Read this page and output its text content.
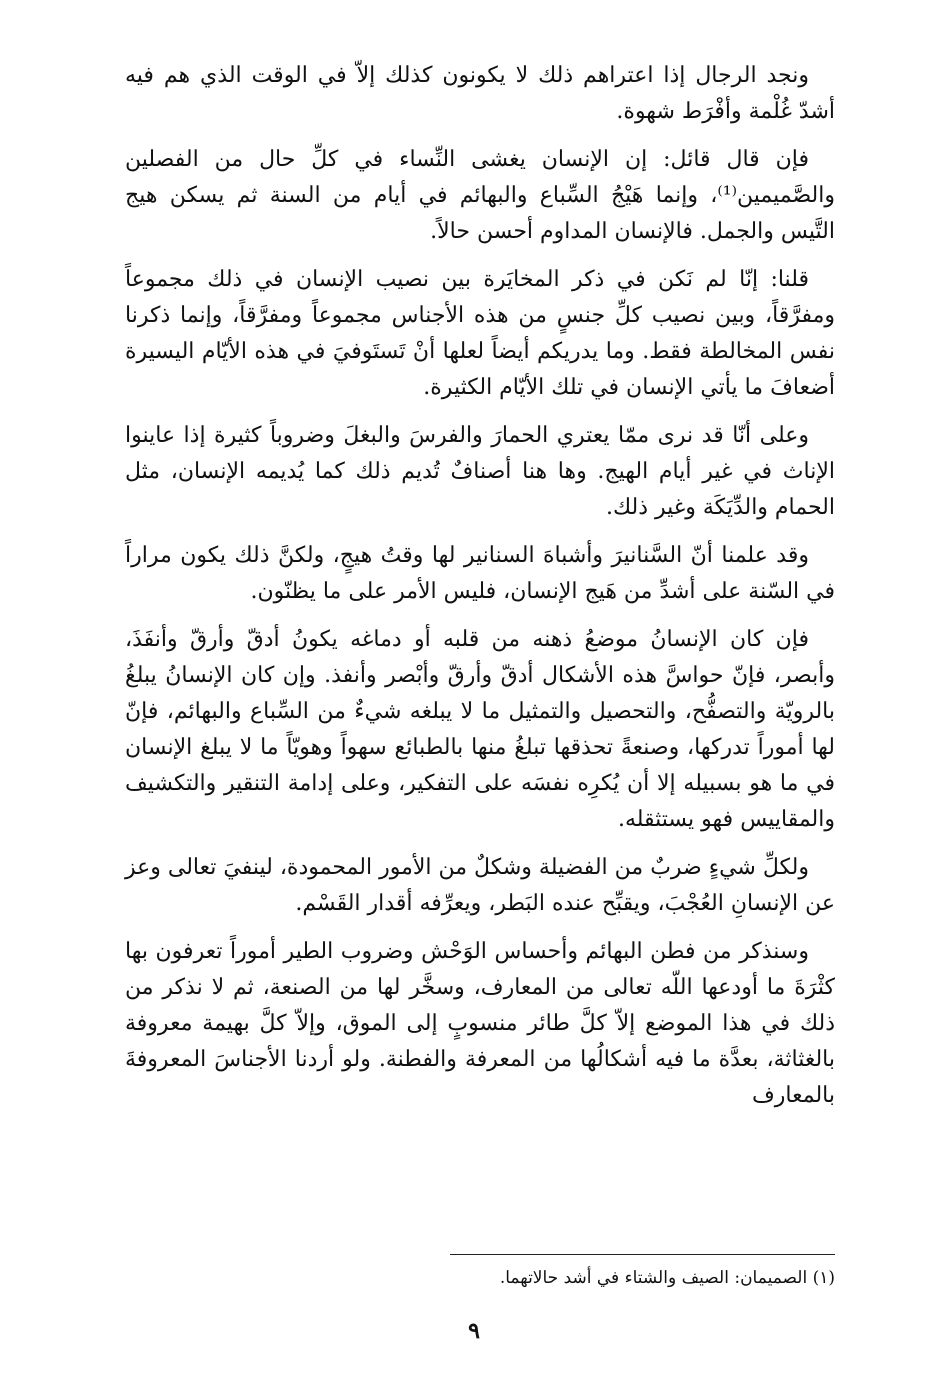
ونجد الرجال إذا اعتراهم ذلك لا يكونون كذلك إلاّ في الوقت الذي هم فيه أشدّ غُلْمة وأفْرَط شهوة.

فإن قال قائل: إن الإنسان يغشى النِّساء في كلِّ حال من الفصلين والصَّميمين⁽¹⁾، وإنما هَيْجُ السِّباع والبهائم في أيام من السنة ثم يسكن هيج التَّيس والجمل. فالإنسان المداوم أحسن حالاً.

قلنا: إنّا لم نَكن في ذكر المخايَرة بين نصيب الإنسان في ذلك مجموعاً ومفرَّقاً، وبين نصيب كلِّ جنسٍ من هذه الأجناس مجموعاً ومفرَّقاً، وإنما ذكرنا نفس المخالطة فقط. وما يدريكم أيضاً لعلها أنْ تَستَوفيَ في هذه الأيّام اليسيرة أضعافَ ما يأتي الإنسان في تلك الأيّام الكثيرة.

وعلى أنّا قد نرى ممّا يعتري الحمارَ والفرسَ والبغلَ وضروباً كثيرة إذا عاينوا الإناث في غير أيام الهيج. وها هنا أصنافٌ تُديم ذلك كما يُديمه الإنسان، مثل الحمام والدِّيَكَة وغير ذلك.

وقد علمنا أنّ السَّنانيرَ وأشباهَ السنانير لها وقتُ هيجٍ، ولكنَّ ذلك يكون مراراً في السّنة على أشدِّ من هَيج الإنسان، فليس الأمر على ما يظنّون.

فإن كان الإنسانُ موضعُ ذهنه من قلبه أو دماغه يكونُ أدقّ وأرقّ وأنفَذَ، وأبصر، فإنّ حواسَّ هذه الأشكال أدقّ وأرقّ وأبْصر وأنفذ. وإن كان الإنسانُ يبلغُ بالرويّة والتصفُّح، والتحصيل والتمثيل ما لا يبلغه شيءٌ من السِّباع والبهائم، فإنّ لها أموراً تدركها، وصنعةً تحذقها تبلغُ منها بالطبائع سهواً وهويّاً ما لا يبلغ الإنسان في ما هو بسبيله إلا أن يُكرِه نفسَه على التفكير، وعلى إدامة التنقير والتكشيف والمقاييس فهو يستثقله.

ولكلِّ شيءٍ ضربٌ من الفضيلة وشكلٌ من الأمور المحمودة، لينفيَ تعالى وعز عن الإنسانِ العُجْبَ، ويقبِّح عنده البَطر، ويعرِّفه أقدار القَسْم.

وسنذكر من فطن البهائم وأحساس الوَحْش وضروب الطير أموراً تعرفون بها كثْرَةَ ما أودعها اللّه تعالى من المعارف، وسخَّر لها من الصنعة، ثم لا نذكر من ذلك في هذا الموضع إلاّ كلَّ طائر منسوبٍ إلى الموق، وإلاّ كلَّ بهيمة معروفة بالغثاثة، بعدَّة ما فيه أشكالُها من المعرفة والفطنة. ولو أردنا الأجناسَ المعروفةَ بالمعارف

(١) الصميمان: الصيف والشتاء في أشد حالاتهما.
٩
